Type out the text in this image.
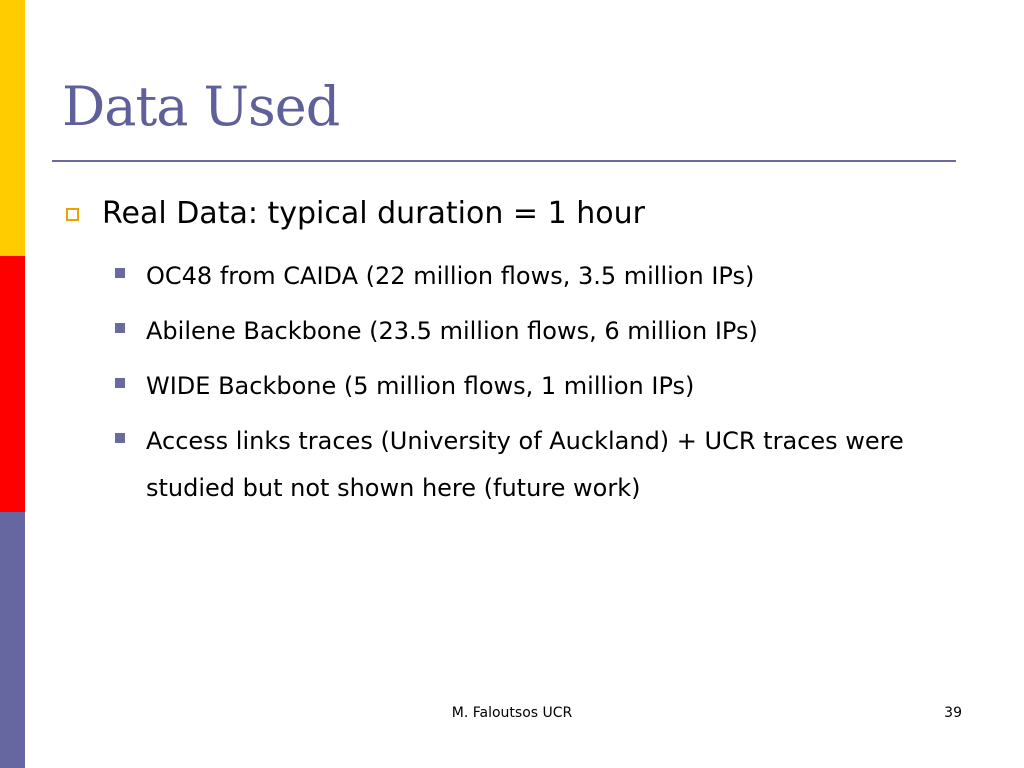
Data Used
Real Data: typical duration = 1 hour
OC48 from CAIDA (22 million flows, 3.5 million IPs)
Abilene Backbone (23.5 million flows, 6 million IPs)
WIDE Backbone (5 million flows, 1 million IPs)
Access links traces (University of Auckland) + UCR traces were studied but not shown here (future work)
M. Faloutsos UCR	39
